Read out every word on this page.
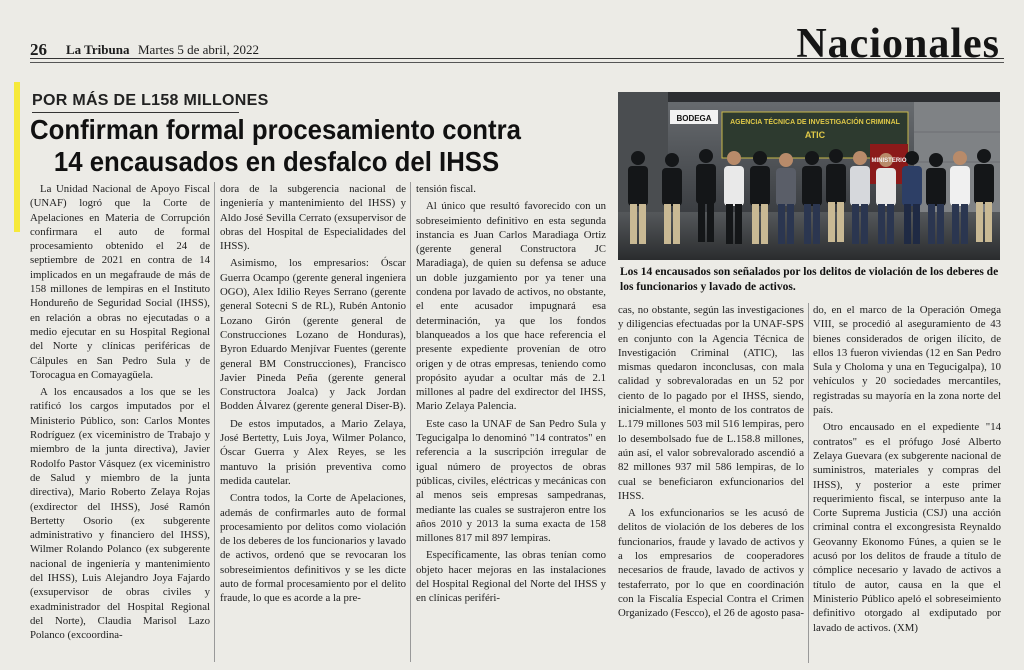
26 La Tribuna Martes 5 de abril, 2022	Nacionales
POR MÁS DE L158 MILLONES
Confirman formal procesamiento contra
14 encausados en desfalco del IHSS
BODEGA	AGENCIA TÉCNICA DE INVESTIGACIÓN CRIMINAL
ATIC
MINISTERIO
Los 14 encausados son señalados por los delitos de violación de los deberes de los funcionarios y lavado de activos.

La Unidad Nacional de Apoyo Fiscal (UNAF) logró que la Corte de Apelaciones en Materia de Corrupción confirmara el auto de formal procesamiento obtenido el 24 de septiembre de 2021 en contra de 14 implicados en un megafraude de más de 158 millones de lempiras en el Instituto Hondureño de Seguridad Social (IHSS), en relación a obras no ejecutadas o a medio ejecutar en su Hospital Regional del Norte y clínicas periféricas de Cálpules en San Pedro Sula y de Torocagua en Comayagüela.

A los encausados a los que se les ratificó los cargos imputados por el Ministerio Público, son: Carlos Montes Rodríguez (ex viceministro de Trabajo y miembro de la junta directiva), Javier Rodolfo Pastor Vásquez (ex viceministro de Salud y miembro de la junta directiva), Mario Roberto Zelaya Rojas (exdirector del IHSS), José Ramón Bertetty Osorio (ex subgerente administrativo y financiero del IHSS), Wilmer Rolando Polanco (ex subgerente nacional de ingeniería y mantenimiento del IHSS), Luis Alejandro Joya Fajardo (exsupervisor de obras civiles y exadministrador del Hospital Regional del Norte), Claudia Marisol Lazo Polanco (excoordina-

dora de la subgerencia nacional de ingeniería y mantenimiento del IHSS) y Aldo José Sevilla Cerrato (exsupervisor de obras del Hospital de Especialidades del IHSS).

Asimismo, los empresarios: Óscar Guerra Ocampo (gerente general ingeniera OGO), Alex Idilio Reyes Serrano (gerente general Sotecni S de RL), Rubén Antonio Lozano Girón (gerente general de Construcciones Lozano de Honduras), Byron Eduardo Menjívar Fuentes (gerente general BM Construcciones), Francisco Javier Pineda Peña (gerente general Constructora Joalca) y Jack Jordan Bodden Álvarez (gerente general Diser-B).

De estos imputados, a Mario Zelaya, José Bertetty, Luis Joya, Wilmer Polanco, Óscar Guerra y Alex Reyes, se les mantuvo la prisión preventiva como medida cautelar.

Contra todos, la Corte de Apelaciones, además de confirmarles auto de formal procesamiento por delitos como violación de los deberes de los funcionarios y lavado de activos, ordenó que se revocaran los sobreseimientos definitivos y se les dicte auto de formal procesamiento por el delito fraude, lo que es acorde a la pre-

tensión fiscal.

Al único que resultó favorecido con un sobreseimiento definitivo en esta segunda instancia es Juan Carlos Maradiaga Ortiz (gerente general Constructora JC Maradiaga), de quien su defensa se aduce un doble juzgamiento por ya tener una condena por lavado de activos, no obstante, el ente acusador impugnará esa determinación, ya que los fondos blanqueados a los que hace referencia el presente expediente provenían de otro origen y de otras empresas, teniendo como propósito ayudar a ocultar más de 2.1 millones al padre del exdirector del IHSS, Mario Zelaya Palencia.

Este caso la UNAF de San Pedro Sula y Tegucigalpa lo denominó "14 contratos" en referencia a la suscripción irregular de igual número de proyectos de obras públicas, civiles, eléctricas y mecánicas con al menos seis empresas sampedranas, mediante las cuales se sustrajeron entre los años 2010 y 2013 la suma exacta de 158 millones 817 mil 897 lempiras.

Específicamente, las obras tenían como objeto hacer mejoras en las instalaciones del Hospital Regional del Norte del IHSS y en clínicas periféri-

cas, no obstante, según las investigaciones y diligencias efectuadas por la UNAF-SPS en conjunto con la Agencia Técnica de Investigación Criminal (ATIC), las mismas quedaron inconclusas, con mala calidad y sobrevaloradas en un 52 por ciento de lo pagado por el IHSS, siendo, inicialmente, el monto de los contratos de L.179 millones 503 mil 516 lempiras, pero lo desembolsado fue de L.158.8 millones, aún así, el valor sobrevalorado ascendió a 82 millones 937 mil 586 lempiras, de lo cual se beneficiaron exfuncionarios del IHSS.

A los exfuncionarios se les acusó de delitos de violación de los deberes de los funcionarios, fraude y lavado de activos y a los empresarios de cooperadores necesarios de fraude, lavado de activos y testaferrato, por lo que en coordinación con la Fiscalía Especial Contra el Crimen Organizado (Fescco), el 26 de agosto pasa-

do, en el marco de la Operación Omega VIII, se procedió al aseguramiento de 43 bienes considerados de origen ilícito, de ellos 13 fueron viviendas (12 en San Pedro Sula y Choloma y una en Tegucigalpa), 10 vehículos y 20 sociedades mercantiles, registradas su mayoría en la zona norte del país.

Otro encausado en el expediente "14 contratos" es el prófugo José Alberto Zelaya Guevara (ex subgerente nacional de suministros, materiales y compras del IHSS), y posterior a este primer requerimiento fiscal, se interpuso ante la Corte Suprema Justicia (CSJ) una acción criminal contra el excongresista Reynaldo Geovanny Ekonomo Fúnes, a quien se le acusó por los delitos de fraude a título de cómplice necesario y lavado de activos a título de autor, causa en la que el Ministerio Público apeló el sobreseimiento definitivo otorgado al exdiputado por lavado de activos. (XM)
